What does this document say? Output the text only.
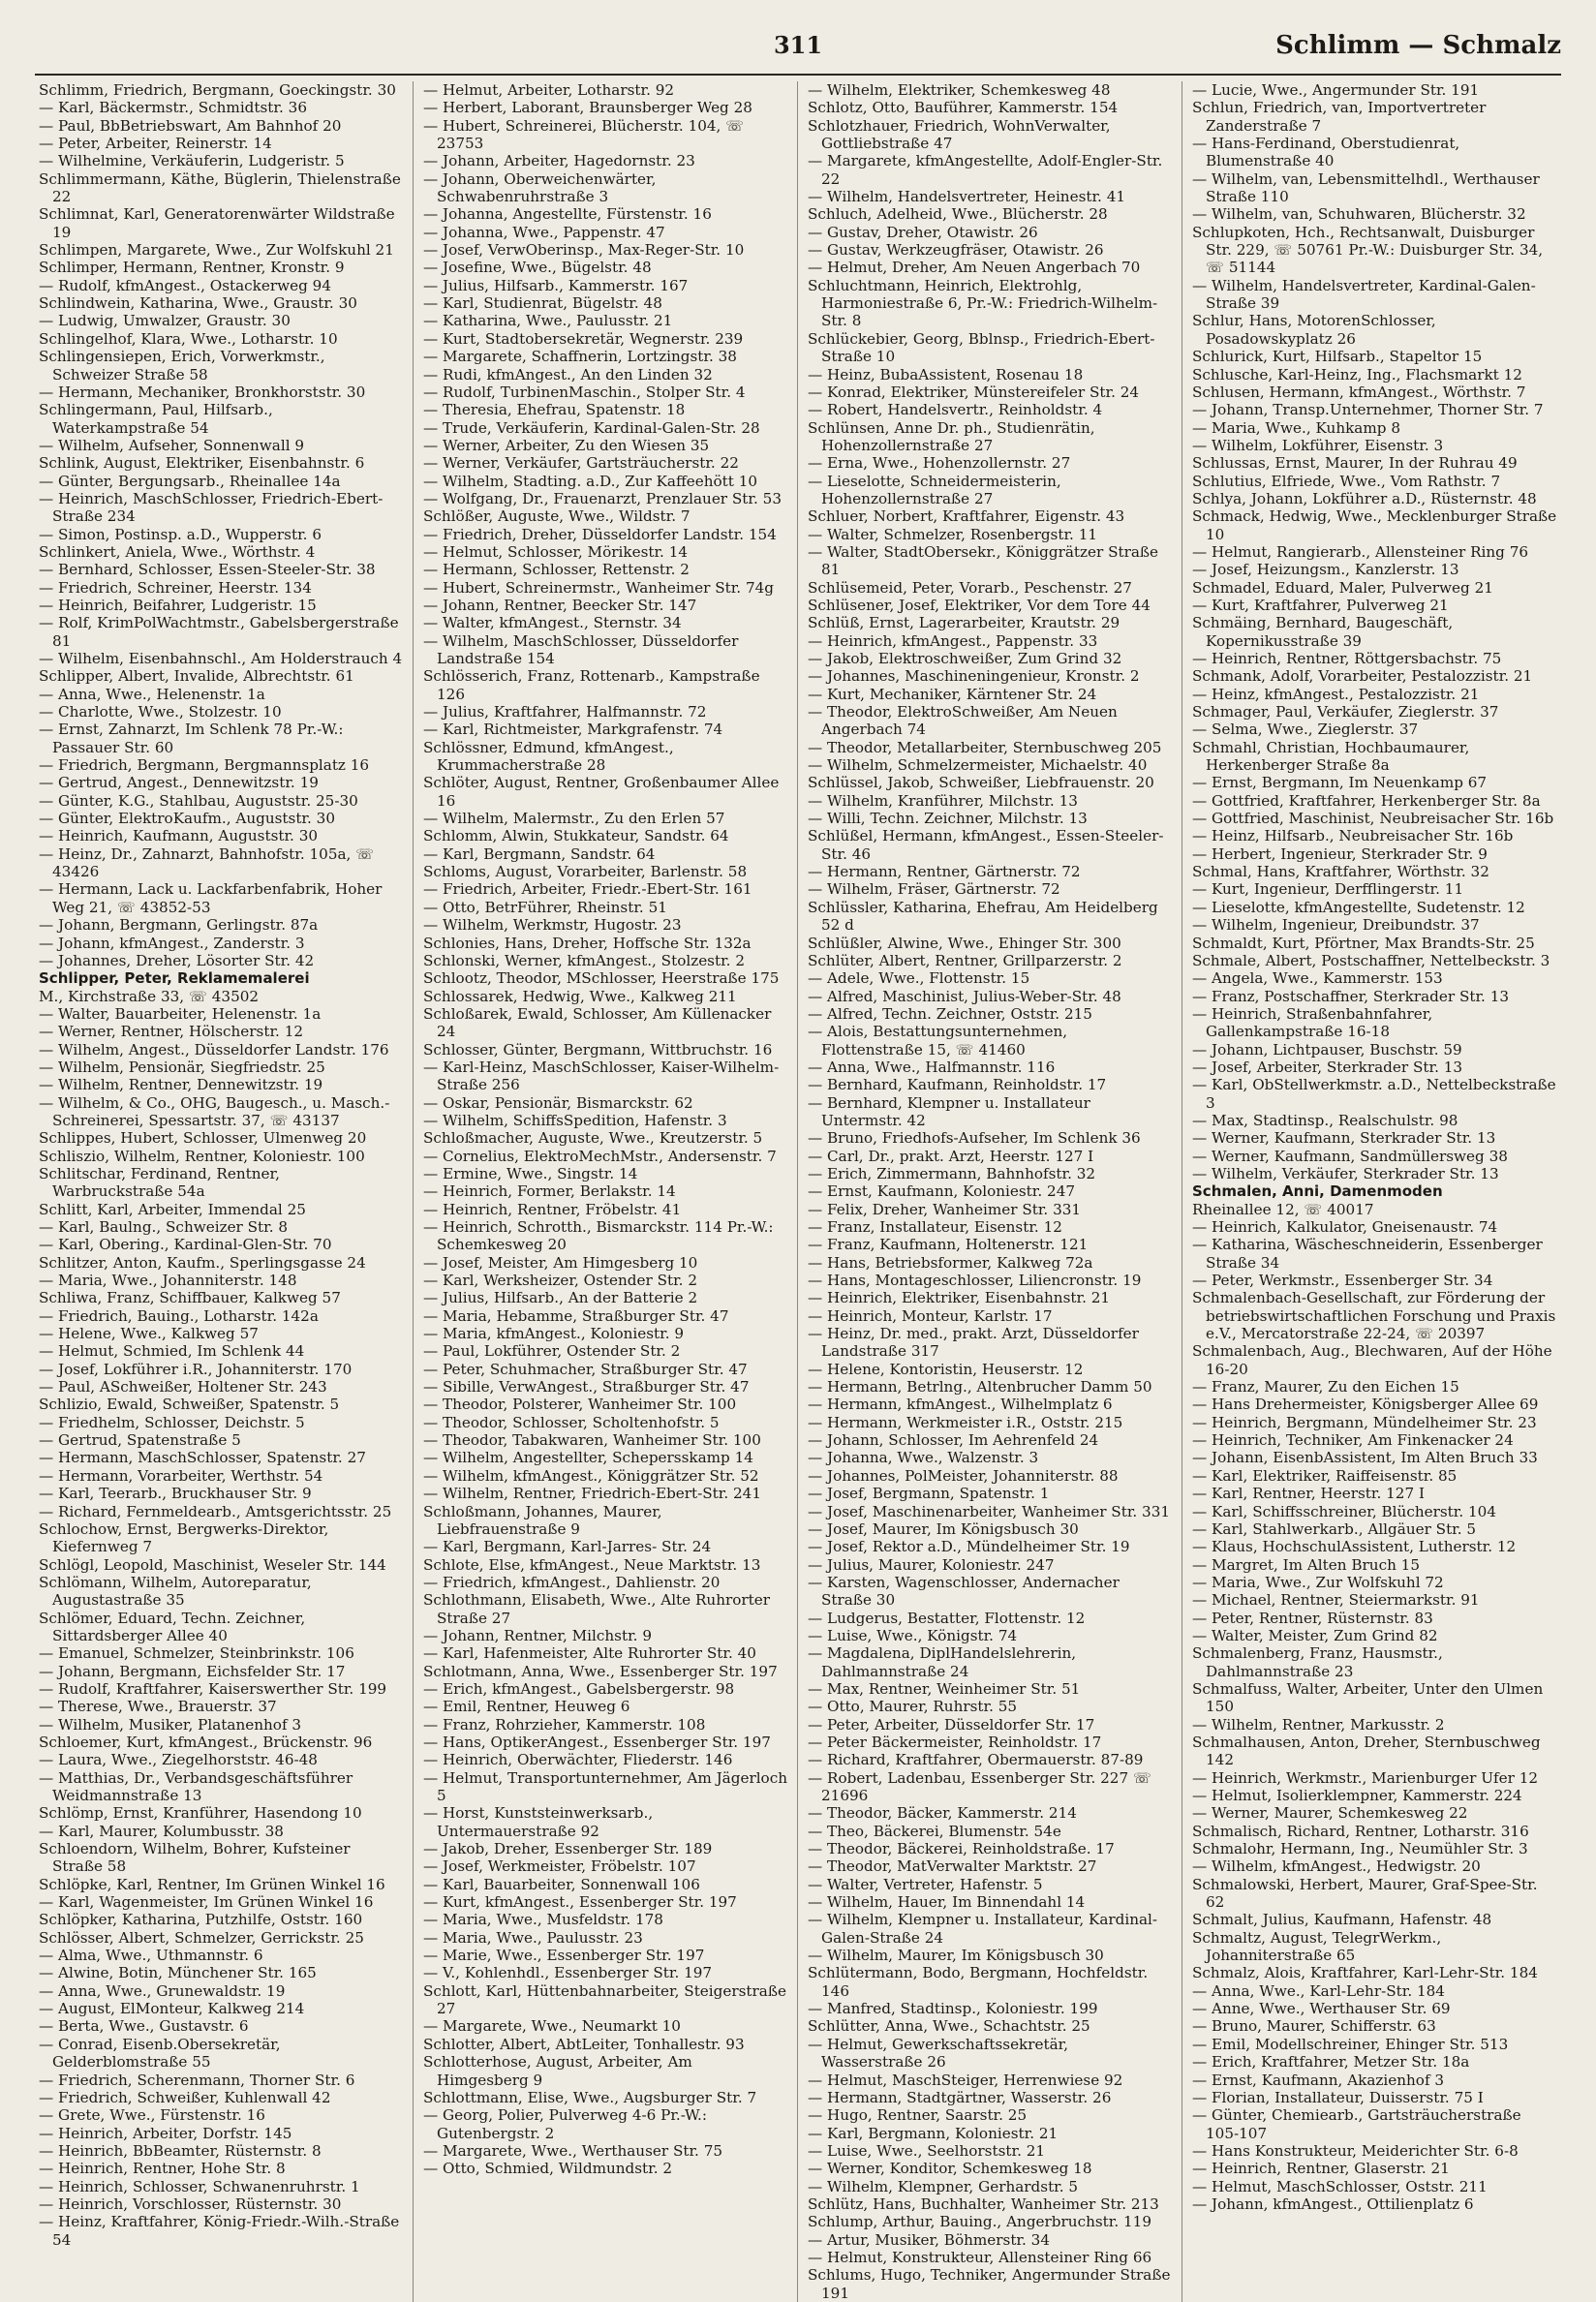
311	Schlimm — Schmalz
Schlimm, Friedrich, Bergmann, Goeckingstr. 30
— Karl, Bäckermstr., Schmidtstr. 36
— Paul, BbBetriebswart, Am Bahnhof 20
— Peter, Arbeiter, Reinerstr. 14
— Wilhelmine, Verkäuferin, Ludgeristr. 5
Schlimmermann, Käthe, Büglerin, Thielenstraße 22
Schlimnat, Karl, Generatorenwärter Wildstraße 19
Schlimpen, Margarete, Wwe., Zur Wolfskuhl 21
Schlimper, Hermann, Rentner, Kronstr. 9
— Rudolf, kfmAngest., Ostackerweg 94
Schlindwein, Katharina, Wwe., Graustr. 30
— Ludwig, Umwalzer, Graustr. 30
Schlingelhof, Klara, Wwe., Lotharstr. 10
Schlingensiepen, Erich, Vorwerkmstr., Schweizer Straße 58
— Hermann, Mechaniker, Bronkhorststr. 30
Schlingermann, Paul, Hilfsarb., Waterkampstraße 54
— Wilhelm, Aufseher, Sonnenwall 9
Schlink, August, Elektriker, Eisenbahnstr. 6
— Günter, Bergungsarb., Rheinallee 14a
— Heinrich, MaschSchlosser, Friedrich-Ebert-Straße 234
— Simon, Postinsp. a.D., Wupperstr. 6
Schlinkert, Aniela, Wwe., Wörthstr. 4
— Bernhard, Schlosser, Essen-Steeler-Str. 38
— Friedrich, Schreiner, Heerstr. 134
— Heinrich, Beifahrer, Ludgeristr. 15
— Rolf, KrimPolWachtmstr., Gabelsbergerstraße 81
— Wilhelm, Eisenbahnschl., Am Holderstrauch 4
Schlipper, Albert, Invalide, Albrechtstr. 61
— Anna, Wwe., Helenenstr. 1a
— Charlotte, Wwe., Stolzestr. 10
— Ernst, Zahnarzt, Im Schlenk 78 Pr.-W.: Passauer Str. 60
— Friedrich, Bergmann, Bergmannsplatz 16
— Gertrud, Angest., Dennewitzstr. 19
— Günter, K.G., Stahlbau, Auguststr. 25-30
— Günter, ElektroKaufm., Auguststr. 30
— Heinrich, Kaufmann, Auguststr. 30
— Heinz, Dr., Zahnarzt, Bahnhofstr. 105a, ☏ 43426
— Hermann, Lack u. Lackfarbenfabrik, Hoher Weg 21, ☏ 43852-53
— Johann, Bergmann, Gerlingstr. 87a
— Johann, kfmAngest., Zanderstr. 3
— Johannes, Dreher, Lösorter Str. 42
Schlipper, Peter, Reklamemalerei
M., Kirchstraße 33, ☏ 43502
— Walter, Bauarbeiter, Helenenstr. 1a
— Werner, Rentner, Hölscherstr. 12
— Wilhelm, Angest., Düsseldorfer Landstr. 176
— Wilhelm, Pensionär, Siegfriedstr. 25
— Wilhelm, Rentner, Dennewitzstr. 19
— Wilhelm, & Co., OHG, Baugesch., u. Masch.-Schreinerei, Spessartstr. 37, ☏ 43137
Schlippes, Hubert, Schlosser, Ulmenweg 20
Schliszio, Wilhelm, Rentner, Koloniestr. 100
Schlitschar, Ferdinand, Rentner, Warbruckstraße 54a
Schlitt, Karl, Arbeiter, Immendal 25
— Karl, Baulng., Schweizer Str. 8
— Karl, Obering., Kardinal-Glen-Str. 70
Schlitzer, Anton, Kaufm., Sperlingsgasse 24
— Maria, Wwe., Johanniterstr. 148
Schliwa, Franz, Schiffbauer, Kalkweg 57
— Friedrich, Bauing., Lotharstr. 142a
— Helene, Wwe., Kalkweg 57
— Helmut, Schmied, Im Schlenk 44
— Josef, Lokführer i.R., Johanniterstr. 170
— Paul, ASchweißer, Holtener Str. 243
Schlizio, Ewald, Schweißer, Spatenstr. 5
— Friedhelm, Schlosser, Deichstr. 5
— Gertrud, Spatenstraße 5
— Hermann, MaschSchlosser, Spatenstr. 27
— Hermann, Vorarbeiter, Werthstr. 54
— Karl, Teerarb., Bruckhauser Str. 9
— Richard, Fernmeldearb., Amtsgerichtsstr. 25
Schlochow, Ernst, Bergwerks-Direktor, Kiefernweg 7
Schlögl, Leopold, Maschinist, Weseler Str. 144
Schlömann, Wilhelm, Autoreparatur, Augustastraße 35
Schlömer, Eduard, Techn. Zeichner, Sittardsberger Allee 40
— Emanuel, Schmelzer, Steinbrinkstr. 106
— Johann, Bergmann, Eichsfelder Str. 17
— Rudolf, Kraftfahrer, Kaiserswerther Str. 199
— Therese, Wwe., Brauerstr. 37
— Wilhelm, Musiker, Platanenhof 3
Schloemer, Kurt, kfmAngest., Brückenstr. 96
— Laura, Wwe., Ziegelhorststr. 46-48
— Matthias, Dr., Verbandsgeschäftsführer Weidmannstraße 13
Schlömp, Ernst, Kranführer, Hasendong 10
— Karl, Maurer, Kolumbusstr. 38
Schloendorn, Wilhelm, Bohrer, Kufsteiner Straße 58
Schlöpke, Karl, Rentner, Im Grünen Winkel 16
— Karl, Wagenmeister, Im Grünen Winkel 16
Schlöpker, Katharina, Putzhilfe, Oststr. 160
Schlösser, Albert, Schmelzer, Gerrickstr. 25
— Alma, Wwe., Uthmannstr. 6
— Alwine, Botin, Münchener Str. 165
— Anna, Wwe., Grunewaldstr. 19
— August, ElMonteur, Kalkweg 214
— Berta, Wwe., Gustavstr. 6
— Conrad, Eisenb.Obersekretär, Gelderblomstraße 55
— Friedrich, Scherenmann, Thorner Str. 6
— Friedrich, Schweißer, Kuhlenwall 42
— Grete, Wwe., Fürstenstr. 16
— Heinrich, Arbeiter, Dorfstr. 145
— Heinrich, BbBeamter, Rüsternstr. 8
— Heinrich, Rentner, Hohe Str. 8
— Heinrich, Schlosser, Schwanenruhrstr. 1
— Heinrich, Vorschlosser, Rüsternstr. 30
— Heinz, Kraftfahrer, König-Friedr.-Wilh.-Straße 54
— Helmut, Arbeiter, Lotharstr. 92
— Herbert, Laborant, Braunsberger Weg 28
— Hubert, Schreinerei, Blücherstr. 104, ☏ 23753
— Johann, Arbeiter, Hagedornstr. 23
— Johann, Oberweichenwärter, Schwabenruhrstraße 3
— Johanna, Angestellte, Fürstenstr. 16
— Johanna, Wwe., Pappenstr. 47
— Josef, VerwOberinsp., Max-Reger-Str. 10
— Josefine, Wwe., Bügelstr. 48
— Julius, Hilfsarb., Kammerstr. 167
— Karl, Studienrat, Bügelstr. 48
— Katharina, Wwe., Paulusstr. 21
— Kurt, Stadtobersekretär, Wegnerstr. 239
— Margarete, Schaffnerin, Lortzingstr. 38
— Rudi, kfmAngest., An den Linden 32
— Rudolf, TurbinenMaschin., Stolper Str. 4
— Theresia, Ehefrau, Spatenstr. 18
— Trude, Verkäuferin, Kardinal-Galen-Str. 28
— Werner, Arbeiter, Zu den Wiesen 35
— Werner, Verkäufer, Gartsträucherstr. 22
— Wilhelm, Stadting. a.D., Zur Kaffeehött 10
— Wolfgang, Dr., Frauenarzt, Prenzlauer Str. 53
Schlößer, Auguste, Wwe., Wildstr. 7
— Friedrich, Dreher, Düsseldorfer Landstr. 154
— Helmut, Schlosser, Mörikestr. 14
— Hermann, Schlosser, Rettenstr. 2
— Hubert, Schreinermstr., Wanheimer Str. 74g
— Johann, Rentner, Beecker Str. 147
— Walter, kfmAngest., Sternstr. 34
— Wilhelm, MaschSchlosser, Düsseldorfer Landstraße 154
Schlösserich, Franz, Rottenarb., Kampstraße 126
— Julius, Kraftfahrer, Halfmannstr. 72
— Karl, Richtmeister, Markgrafenstr. 74
Schlössner, Edmund, kfmAngest., Krummacherstraße 28
Schlöter, August, Rentner, Großenbaumer Allee 16
— Wilhelm, Malermstr., Zu den Erlen 57
Schlomm, Alwin, Stukkateur, Sandstr. 64
— Karl, Bergmann, Sandstr. 64
Schloms, August, Vorarbeiter, Barlenstr. 58
— Friedrich, Arbeiter, Friedr.-Ebert-Str. 161
— Otto, BetrFührer, Rheinstr. 51
— Wilhelm, Werkmstr, Hugostr. 23
Schlonies, Hans, Dreher, Hoffsche Str. 132a
Schlonski, Werner, kfmAngest., Stolzestr. 2
Schlootz, Theodor, MSchlosser, Heerstraße 175
Schlossarek, Hedwig, Wwe., Kalkweg 211
Schloßarek, Ewald, Schlosser, Am Küllenacker 24
Schlosser, Günter, Bergmann, Wittbruchstr. 16
— Karl-Heinz, MaschSchlosser, Kaiser-Wilhelm-Straße 256
— Oskar, Pensionär, Bismarckstr. 62
— Wilhelm, SchiffsSpedition, Hafenstr. 3
Schloßmacher, Auguste, Wwe., Kreutzerstr. 5
— Cornelius, ElektroMechMstr., Andersenstr. 7
— Ermine, Wwe., Singstr. 14
— Heinrich, Former, Berlakstr. 14
— Heinrich, Rentner, Fröbelstr. 41
— Heinrich, Schrotth., Bismarckstr. 114 Pr.-W.: Schemkesweg 20
— Josef, Meister, Am Himgesberg 10
— Karl, Werksheizer, Ostender Str. 2
— Julius, Hilfsarb., An der Batterie 2
— Maria, Hebamme, Straßburger Str. 47
— Maria, kfmAngest., Koloniestr. 9
— Paul, Lokführer, Ostender Str. 2
— Peter, Schuhmacher, Straßburger Str. 47
— Sibille, VerwAngest., Straßburger Str. 47
— Theodor, Polsterer, Wanheimer Str. 100
— Theodor, Schlosser, Scholtenhofstr. 5
— Theodor, Tabakwaren, Wanheimer Str. 100
— Wilhelm, Angestellter, Schepersskamp 14
— Wilhelm, kfmAngest., Königgrätzer Str. 52
— Wilhelm, Rentner, Friedrich-Ebert-Str. 241
Schloßmann, Johannes, Maurer, Liebfrauenstraße 9
— Karl, Bergmann, Karl-Jarres- Str. 24
Schlote, Else, kfmAngest., Neue Marktstr. 13
— Friedrich, kfmAngest., Dahlienstr. 20
Schlothmann, Elisabeth, Wwe., Alte Ruhrorter Straße 27
— Johann, Rentner, Milchstr. 9
— Karl, Hafenmeister, Alte Ruhrorter Str. 40
Schlotmann, Anna, Wwe., Essenberger Str. 197
— Erich, kfmAngest., Gabelsbergerstr. 98
— Emil, Rentner, Heuweg 6
— Franz, Rohrzieher, Kammerstr. 108
— Hans, OptikerAngest., Essenberger Str. 197
— Heinrich, Oberwächter, Fliederstr. 146
— Helmut, Transportunternehmer, Am Jägerloch 5
— Horst, Kunststeinwerksarb., Untermauerstraße 92
— Jakob, Dreher, Essenberger Str. 189
— Josef, Werkmeister, Fröbelstr. 107
— Karl, Bauarbeiter, Sonnenwall 106
— Kurt, kfmAngest., Essenberger Str. 197
— Maria, Wwe., Musfeldstr. 178
— Maria, Wwe., Paulusstr. 23
— Marie, Wwe., Essenberger Str. 197
— V., Kohlenhdl., Essenberger Str. 197
Schlott, Karl, Hüttenbahnarbeiter, Steigerstraße 27
— Margarete, Wwe., Neumarkt 10
Schlotter, Albert, AbtLeiter, Tonhallestr. 93
Schlotterhose, August, Arbeiter, Am Himgesberg 9
Schlottmann, Elise, Wwe., Augsburger Str. 7
— Georg, Polier, Pulverweg 4-6 Pr.-W.: Gutenbergstr. 2
— Margarete, Wwe., Werthauser Str. 75
— Otto, Schmied, Wildmundstr. 2
— Wilhelm, Elektriker, Schemkesweg 48
Schlotz, Otto, Bauführer, Kammerstr. 154
Schlotzhauer, Friedrich, WohnVerwalter, Gottliebstraße 47
— Margarete, kfmAngestellte, Adolf-Engler-Str. 22
— Wilhelm, Handelsvertreter, Heinestr. 41
Schluch, Adelheid, Wwe., Blücherstr. 28
— Gustav, Dreher, Otawistr. 26
— Gustav, Werkzeugfräser, Otawistr. 26
— Helmut, Dreher, Am Neuen Angerbach 70
Schluchtmann, Heinrich, Elektrohlg, Harmoniestraße 6, Pr.-W.: Friedrich-Wilhelm-Str. 8
Schlückebier, Georg, Bblnsp., Friedrich-Ebert-Straße 10
— Heinz, BubaAssistent, Rosenau 18
— Konrad, Elektriker, Münstereifeler Str. 24
— Robert, Handelsvertr., Reinholdstr. 4
Schlünsen, Anne Dr. ph., Studienrätin, Hohenzollernstraße 27
— Erna, Wwe., Hohenzollernstr. 27
— Lieselotte, Schneidermeisterin, Hohenzollernstraße 27
Schluer, Norbert, Kraftfahrer, Eigenstr. 43
— Walter, Schmelzer, Rosenbergstr. 11
— Walter, StadtObersekr., Königgrätzer Straße 81
Schlüsemeid, Peter, Vorarb., Peschenstr. 27
Schlüsener, Josef, Elektriker, Vor dem Tore 44
Schlüß, Ernst, Lagerarbeiter, Krautstr. 29
— Heinrich, kfmAngest., Pappenstr. 33
— Jakob, Elektroschweißer, Zum Grind 32
— Johannes, Maschineningenieur, Kronstr. 2
— Kurt, Mechaniker, Kärntener Str. 24
— Theodor, ElektroSchweißer, Am Neuen Angerbach 74
— Theodor, Metallarbeiter, Sternbuschweg 205
— Wilhelm, Schmelzermeister, Michaelstr. 40
Schlüssel, Jakob, Schweißer, Liebfrauenstr. 20
— Wilhelm, Kranführer, Milchstr. 13
— Willi, Techn. Zeichner, Milchstr. 13
Schlüßel, Hermann, kfmAngest., Essen-Steeler-Str. 46
— Hermann, Rentner, Gärtnerstr. 72
— Wilhelm, Fräser, Gärtnerstr. 72
Schlüssler, Katharina, Ehefrau, Am Heidelberg 52 d
Schlüßler, Alwine, Wwe., Ehinger Str. 300
Schlüter, Albert, Rentner, Grillparzerstr. 2
— Adele, Wwe., Flottenstr. 15
— Alfred, Maschinist, Julius-Weber-Str. 48
— Alfred, Techn. Zeichner, Oststr. 215
— Alois, Bestattungsunternehmen, Flottenstraße 15, ☏ 41460
— Anna, Wwe., Halfmannstr. 116
— Bernhard, Kaufmann, Reinholdstr. 17
— Bernhard, Klempner u. Installateur Untermstr. 42
— Bruno, Friedhofs-Aufseher, Im Schlenk 36
— Carl, Dr., prakt. Arzt, Heerstr. 127 I
— Erich, Zimmermann, Bahnhofstr. 32
— Ernst, Kaufmann, Koloniestr. 247
— Felix, Dreher, Wanheimer Str. 331
— Franz, Installateur, Eisenstr. 12
— Franz, Kaufmann, Holtenerstr. 121
— Hans, Betriebsformer, Kalkweg 72a
— Hans, Montageschlosser, Liliencronstr. 19
— Heinrich, Elektriker, Eisenbahnstr. 21
— Heinrich, Monteur, Karlstr. 17
— Heinz, Dr. med., prakt. Arzt, Düsseldorfer Landstraße 317
— Helene, Kontoristin, Heuserstr. 12
— Hermann, Betrlng., Altenbrucher Damm 50
— Hermann, kfmAngest., Wilhelmplatz 6
— Hermann, Werkmeister i.R., Oststr. 215
— Johann, Schlosser, Im Aehrenfeld 24
— Johanna, Wwe., Walzenstr. 3
— Johannes, PolMeister, Johanniterstr. 88
— Josef, Bergmann, Spatenstr. 1
— Josef, Maschinenarbeiter, Wanheimer Str. 331
— Josef, Maurer, Im Königsbusch 30
— Josef, Rektor a.D., Mündelheimer Str. 19
— Julius, Maurer, Koloniestr. 247
— Karsten, Wagenschlosser, Andernacher Straße 30
— Ludgerus, Bestatter, Flottenstr. 12
— Luise, Wwe., Königstr. 74
— Magdalena, DiplHandelslehrerin, Dahlmannstraße 24
— Max, Rentner, Weinheimer Str. 51
— Otto, Maurer, Ruhrstr. 55
— Peter, Arbeiter, Düsseldorfer Str. 17
— Peter Bäckermeister, Reinholdstr. 17
— Richard, Kraftfahrer, Obermauerstr. 87-89
— Robert, Ladenbau, Essenberger Str. 227 ☏ 21696
— Theodor, Bäcker, Kammerstr. 214
— Theo, Bäckerei, Blumenstr. 54e
— Theodor, Bäckerei, Reinholdstraße. 17
— Theodor, MatVerwalter Marktstr. 27
— Walter, Vertreter, Hafenstr. 5
— Wilhelm, Hauer, Im Binnendahl 14
— Wilhelm, Klempner u. Installateur, Kardinal-Galen-Straße 24
— Wilhelm, Maurer, Im Königsbusch 30
Schlütermann, Bodo, Bergmann, Hochfeldstr. 146
— Manfred, Stadtinsp., Koloniestr. 199
Schlütter, Anna, Wwe., Schachtstr. 25
— Helmut, Gewerkschaftssekretär, Wasserstraße 26
— Helmut, MaschSteiger, Herrenwiese 92
— Hermann, Stadtgärtner, Wasserstr. 26
— Hugo, Rentner, Saarstr. 25
— Karl, Bergmann, Koloniestr. 21
— Luise, Wwe., Seelhorststr. 21
— Werner, Konditor, Schemkesweg 18
— Wilhelm, Klempner, Gerhardstr. 5
Schlütz, Hans, Buchhalter, Wanheimer Str. 213
Schlump, Arthur, Bauing., Angerbruchstr. 119
— Artur, Musiker, Böhmerstr. 34
— Helmut, Konstrukteur, Allensteiner Ring 66
Schlums, Hugo, Techniker, Angermunder Straße 191
— Lucie, Wwe., Angermunder Str. 191
Schlun, Friedrich, van, Importvertreter Zanderstraße 7
— Hans-Ferdinand, Oberstudienrat, Blumenstraße 40
— Wilhelm, van, Lebensmittelhdl., Werthauser Straße 110
— Wilhelm, van, Schuhwaren, Blücherstr. 32
Schlupkoten, Hch., Rechtsanwalt, Duisburger Str. 229, ☏ 50761 Pr.-W.: Duisburger Str. 34, ☏ 51144
— Wilhelm, Handelsvertreter, Kardinal-Galen-Straße 39
Schlur, Hans, MotorenSchlosser, Posadowskyplatz 26
Schlurick, Kurt, Hilfsarb., Stapeltor 15
Schlusche, Karl-Heinz, Ing., Flachsmarkt 12
Schlusen, Hermann, kfmAngest., Wörthstr. 7
— Johann, Transp.Unternehmer, Thorner Str. 7
— Maria, Wwe., Kuhkamp 8
— Wilhelm, Lokführer, Eisenstr. 3
Schlussas, Ernst, Maurer, In der Ruhrau 49
Schlutius, Elfriede, Wwe., Vom Rathstr. 7
Schlya, Johann, Lokführer a.D., Rüsternstr. 48
Schmack, Hedwig, Wwe., Mecklenburger Straße 10
— Helmut, Rangierarb., Allensteiner Ring 76
— Josef, Heizungsm., Kanzlerstr. 13
Schmadel, Eduard, Maler, Pulverweg 21
— Kurt, Kraftfahrer, Pulverweg 21
Schmäing, Bernhard, Baugeschäft, Kopernikusstraße 39
— Heinrich, Rentner, Röttgersbachstr. 75
Schmank, Adolf, Vorarbeiter, Pestalozzistr. 21
— Heinz, kfmAngest., Pestalozzistr. 21
Schmager, Paul, Verkäufer, Zieglerstr. 37
— Selma, Wwe., Zieglerstr. 37
Schmahl, Christian, Hochbaumaurer, Herkenberger Straße 8a
— Ernst, Bergmann, Im Neuenkamp 67
— Gottfried, Kraftfahrer, Herkenberger Str. 8a
— Gottfried, Maschinist, Neubreisacher Str. 16b
— Heinz, Hilfsarb., Neubreisacher Str. 16b
— Herbert, Ingenieur, Sterkrader Str. 9
Schmal, Hans, Kraftfahrer, Wörthstr. 32
— Kurt, Ingenieur, Derfflingerstr. 11
— Lieselotte, kfmAngestellte, Sudetenstr. 12
— Wilhelm, Ingenieur, Dreibundstr. 37
Schmaldt, Kurt, Pförtner, Max Brandts-Str. 25
Schmale, Albert, Postschaffner, Nettelbeckstr. 3
— Angela, Wwe., Kammerstr. 153
— Franz, Postschaffner, Sterkrader Str. 13
— Heinrich, Straßenbahnfahrer, Gallenkampstraße 16-18
— Johann, Lichtpauser, Buschstr. 59
— Josef, Arbeiter, Sterkrader Str. 13
— Karl, ObStellwerkmstr. a.D., Nettelbeckstraße 3
— Max, Stadtinsp., Realschulstr. 98
— Werner, Kaufmann, Sterkrader Str. 13
— Werner, Kaufmann, Sandmüllersweg 38
— Wilhelm, Verkäufer, Sterkrader Str. 13
Schmalen, Anni, Damenmoden
Rheinallee 12, ☏ 40017
— Heinrich, Kalkulator, Gneisenaustr. 74
— Katharina, Wäscheschneiderin, Essenberger Straße 34
— Peter, Werkmstr., Essenberger Str. 34
Schmalenbach-Gesellschaft, zur Förderung der betriebswirtschaftlichen Forschung und Praxis e.V., Mercatorstraße 22-24, ☏ 20397
Schmalenbach, Aug., Blechwaren, Auf der Höhe 16-20
— Franz, Maurer, Zu den Eichen 15
— Hans Drehermeister, Königsberger Allee 69
— Heinrich, Bergmann, Mündelheimer Str. 23
— Heinrich, Techniker, Am Finkenacker 24
— Johann, EisenbAssistent, Im Alten Bruch 33
— Karl, Elektriker, Raiffeisenstr. 85
— Karl, Rentner, Heerstr. 127 I
— Karl, Schiffsschreiner, Blücherstr. 104
— Karl, Stahlwerkarb., Allgäuer Str. 5
— Klaus, HochschulAssistent, Lutherstr. 12
— Margret, Im Alten Bruch 15
— Maria, Wwe., Zur Wolfskuhl 72
— Michael, Rentner, Steiermarkstr. 91
— Peter, Rentner, Rüsternstr. 83
— Walter, Meister, Zum Grind 82
Schmalenberg, Franz, Hausmstr., Dahlmannstraße 23
Schmalfuss, Walter, Arbeiter, Unter den Ulmen 150
— Wilhelm, Rentner, Markusstr. 2
Schmalhausen, Anton, Dreher, Sternbuschweg 142
— Heinrich, Werkmstr., Marienburger Ufer 12
— Helmut, Isolierklempner, Kammerstr. 224
— Werner, Maurer, Schemkesweg 22
Schmalisch, Richard, Rentner, Lotharstr. 316
Schmalohr, Hermann, Ing., Neumühler Str. 3
— Wilhelm, kfmAngest., Hedwigstr. 20
Schmalowski, Herbert, Maurer, Graf-Spee-Str. 62
Schmalt, Julius, Kaufmann, Hafenstr. 48
Schmaltz, August, TelegrWerkm., Johanniterstraße 65
Schmalz, Alois, Kraftfahrer, Karl-Lehr-Str. 184
— Anna, Wwe., Karl-Lehr-Str. 184
— Anne, Wwe., Werthauser Str. 69
— Bruno, Maurer, Schifferstr. 63
— Emil, Modellschreiner, Ehinger Str. 513
— Erich, Kraftfahrer, Metzer Str. 18a
— Ernst, Kaufmann, Akazienhof 3
— Florian, Installateur, Duisserstr. 75 I
— Günter, Chemiearb., Gartsträucherstraße 105-107
— Hans Konstrukteur, Meiderichter Str. 6-8
— Heinrich, Rentner, Glaserstr. 21
— Helmut, MaschSchlosser, Oststr. 211
— Johann, kfmAngest., Ottilienplatz 6
